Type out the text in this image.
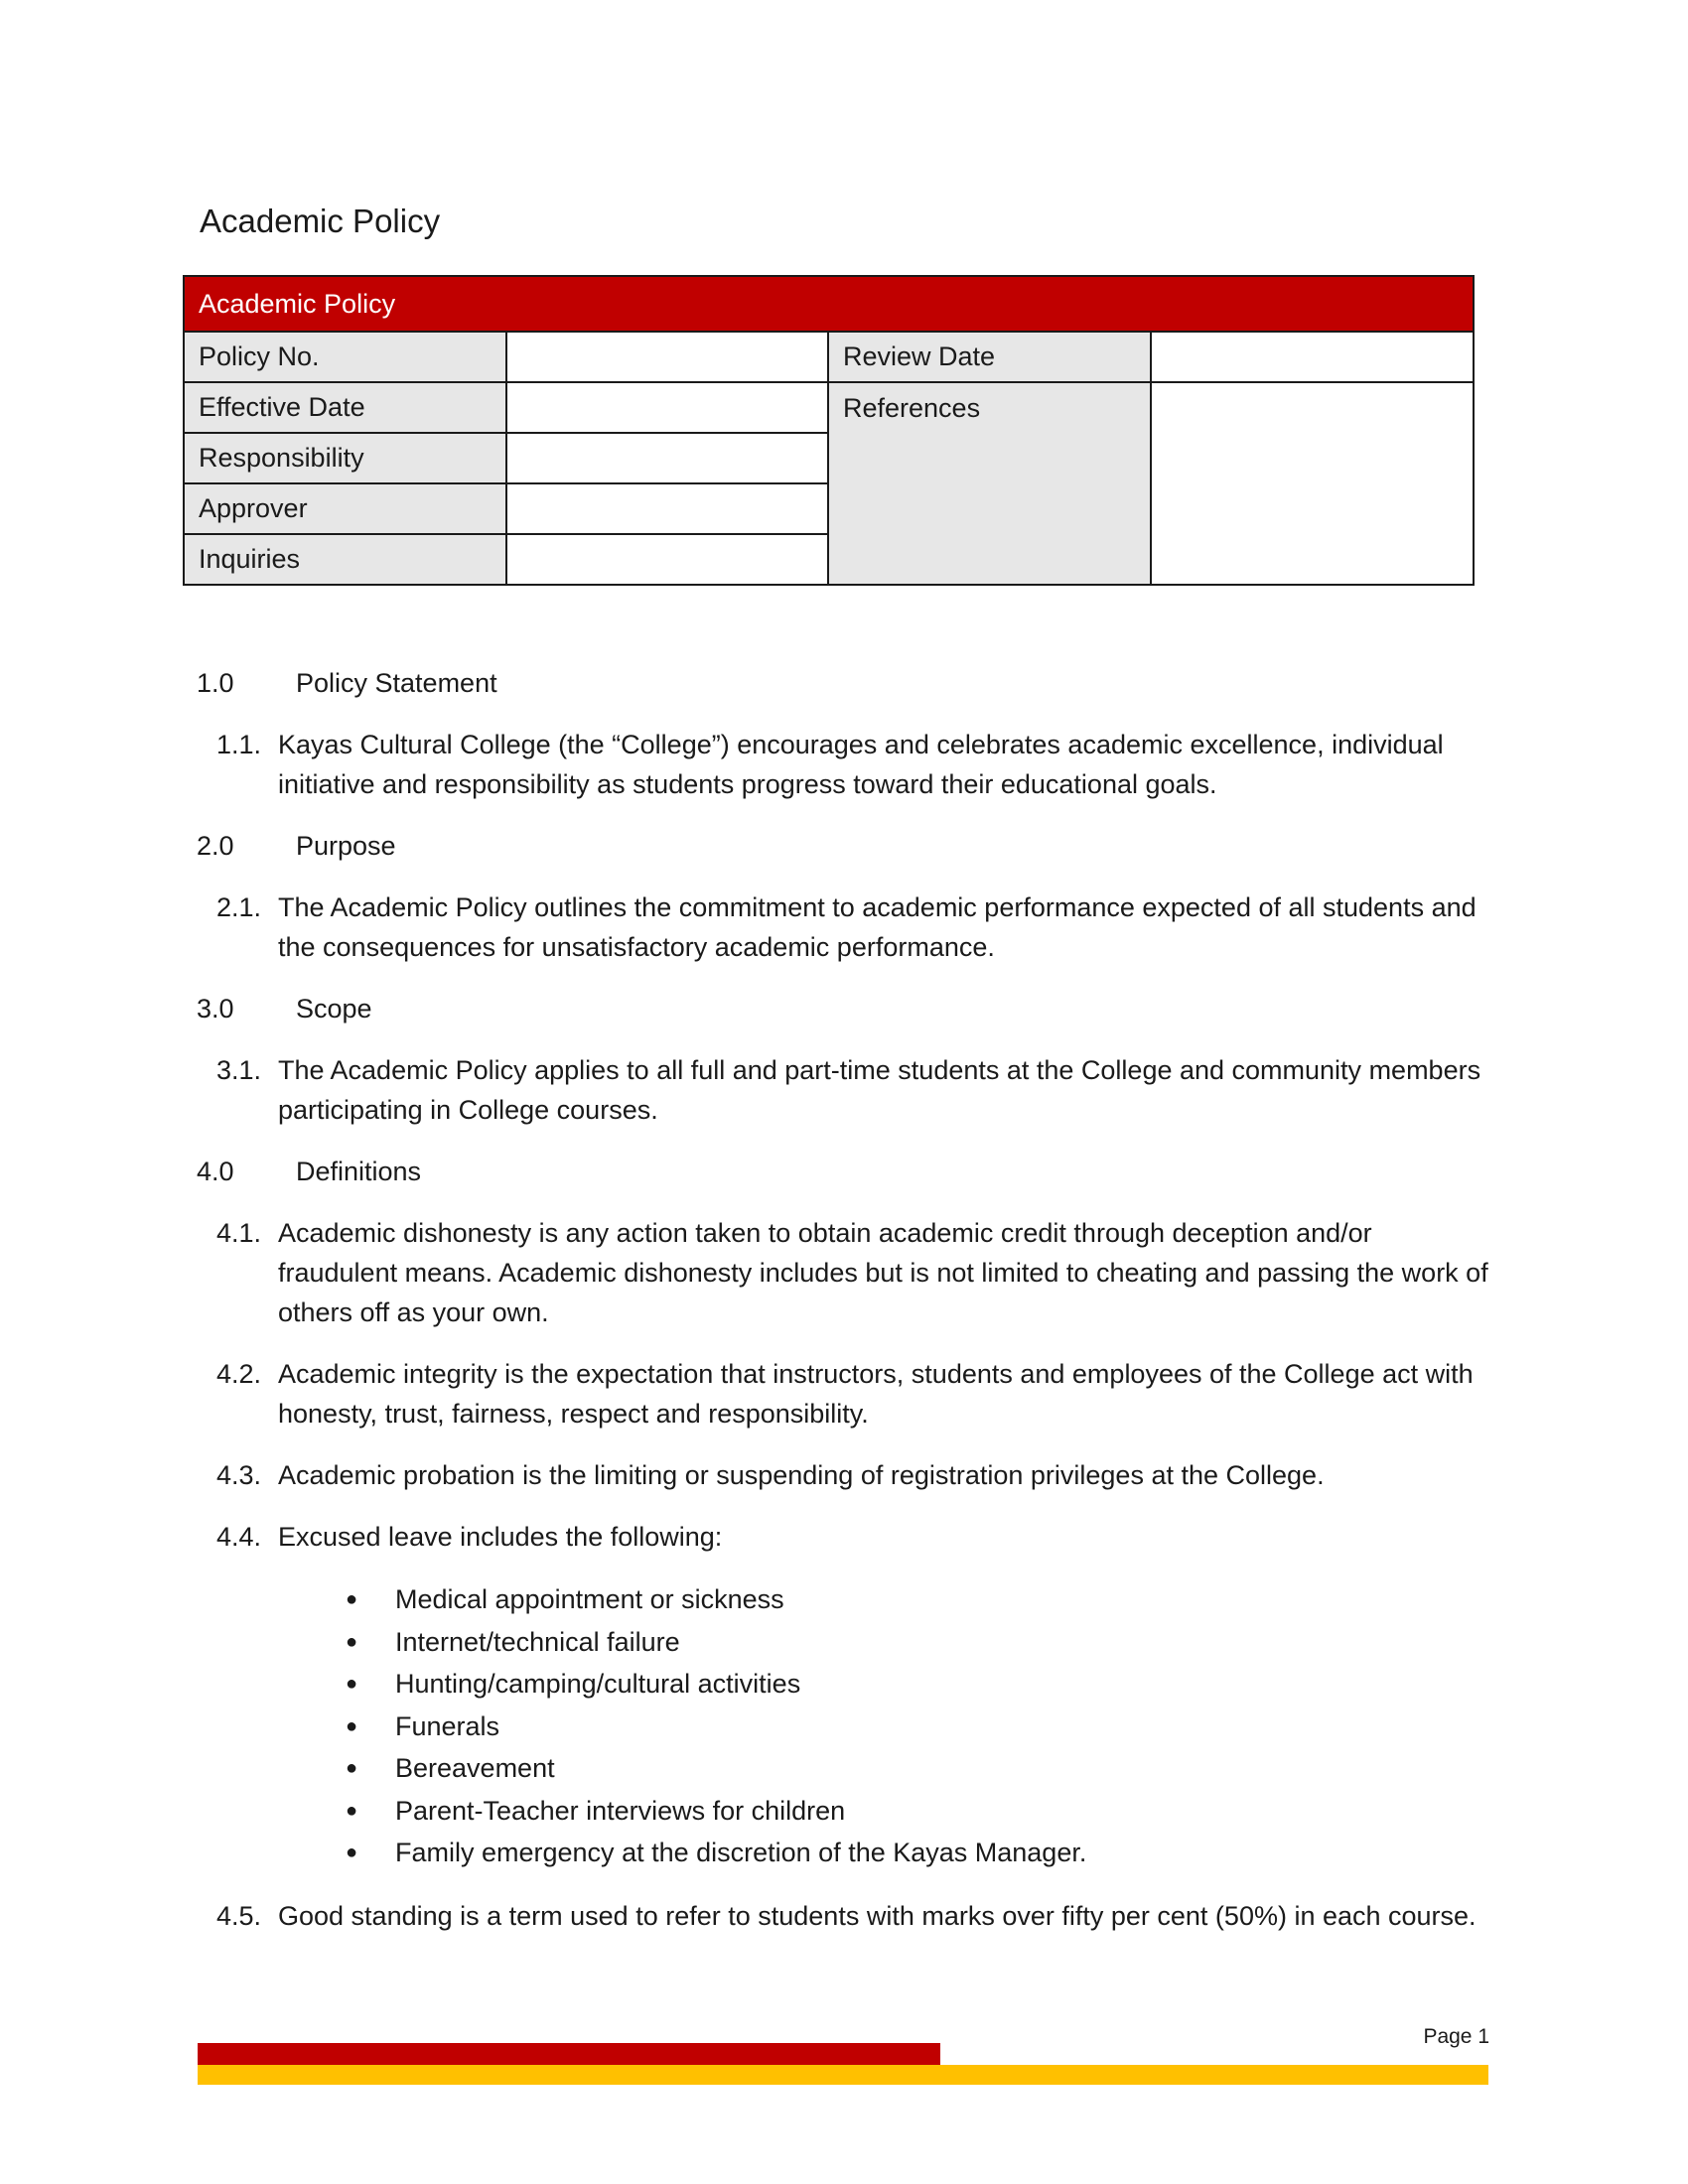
Academic Policy
Academic Policy			
Policy No.		Review Date	
Effective Date		References	
Responsibility			
Approver			
Inquiries			
1.0	Policy Statement
1.1. Kayas Cultural College (the “College”) encourages and celebrates academic excellence, individual initiative and responsibility as students progress toward their educational goals.
2.0	Purpose
2.1. The Academic Policy outlines the commitment to academic performance expected of all students and the consequences for unsatisfactory academic performance.
3.0	Scope
3.1. The Academic Policy applies to all full and part-time students at the College and community members participating in College courses.
4.0	Definitions
4.1. Academic dishonesty is any action taken to obtain academic credit through deception and/or fraudulent means. Academic dishonesty includes but is not limited to cheating and passing the work of others off as your own.
4.2. Academic integrity is the expectation that instructors, students and employees of the College act with honesty, trust, fairness, respect and responsibility.
4.3. Academic probation is the limiting or suspending of registration privileges at the College.
4.4. Excused leave includes the following:
●	Medical appointment or sickness
●	Internet/technical failure
●	Hunting/camping/cultural activities
●	Funerals
●	Bereavement
●	Parent-Teacher interviews for children
●	Family emergency at the discretion of the Kayas Manager.
4.5. Good standing is a term used to refer to students with marks over fifty per cent (50%) in each course.
Page 1
